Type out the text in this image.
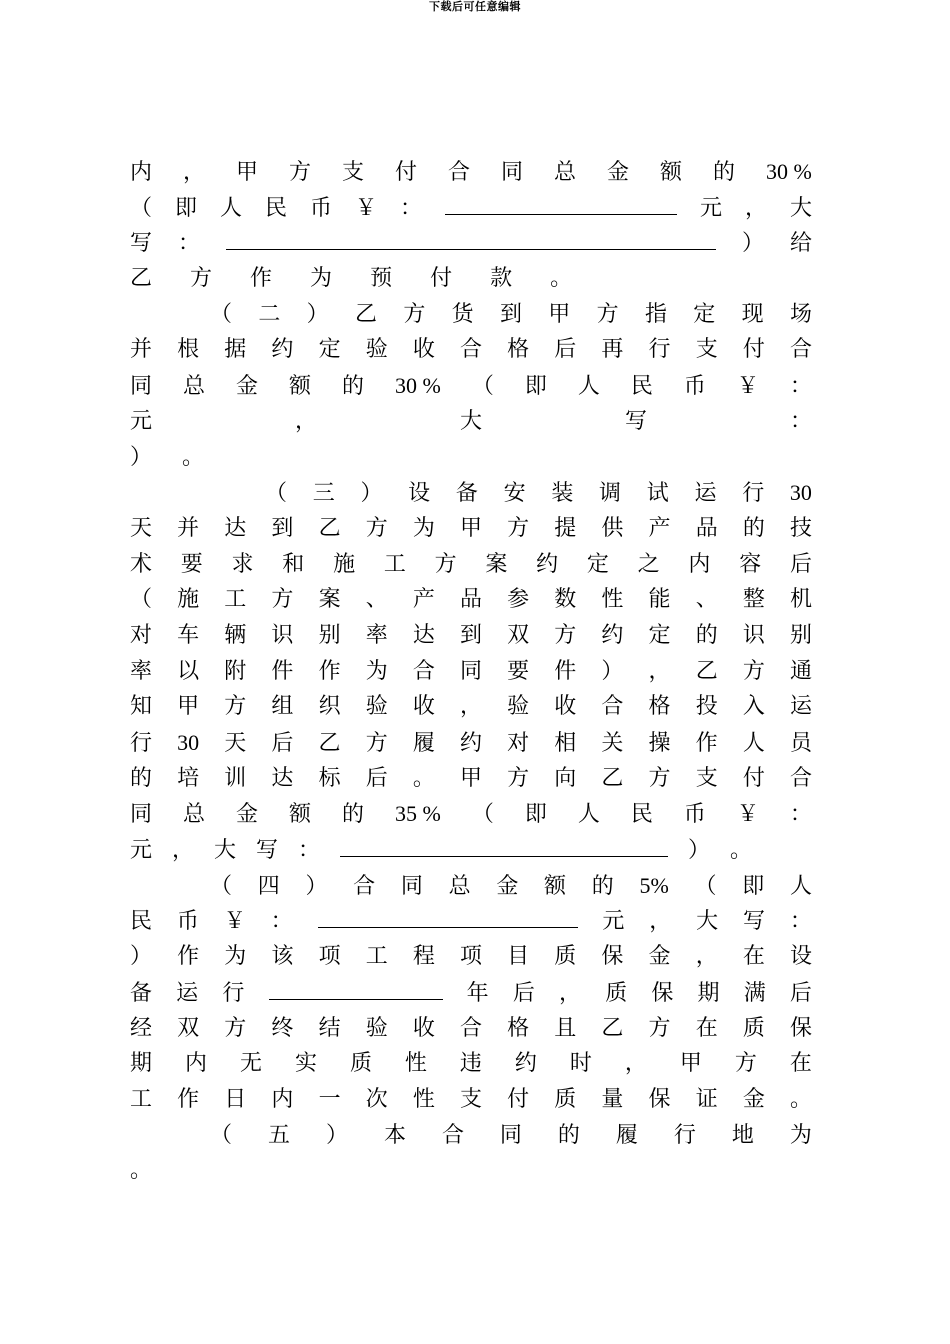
下载后可任意编辑
内 ， 甲 方 支 付 合 同 总 金 额 的 30 %
（ 即 人 民 币 ￥ ：	元 ， 大
写 ：	） 给
乙 方 作 为 预 付 款 。
（ 二 ） 乙 方 货 到 甲 方 指 定 现 场
并 根 据 约 定 验 收 合 格 后 再 行 支 付 合
同 总 金 额 的 30 % （ 即 人 民 币 ￥ ：
元	，	大	写	：
） 。
（ 三 ） 设 备 安 装 调 试 运 行 30
天 并 达 到 乙 方 为 甲 方 提 供 产 品 的 技
术 要 求 和 施 工 方 案 约 定 之 内 容 后
（ 施 工 方 案 、 产 品 参 数 性 能 、 整 机
对 车 辆 识 别 率 达 到 双 方 约 定 的 识 别
率 以 附 件 作 为 合 同 要 件 ） ， 乙 方 通
知 甲 方 组 织 验 收 ， 验 收 合 格 投 入 运
行 30 天 后 乙 方 履 约 对 相 关 操 作 人 员
的 培 训 达 标 后 。 甲 方 向 乙 方 支 付 合
同 总 金 额 的 35 % （ 即 人 民 币 ￥ ：
元 ， 大 写 ：	） 。
（ 四 ） 合 同 总 金 额 的 5% （ 即 人
民 币 ￥ ：	元 ， 大 写 ：
） 作 为 该 项 工 程 项 目 质 保 金 ， 在 设
备 运 行	年 后 ， 质 保 期 满 后
经 双 方 终 结 验 收 合 格 且 乙 方 在 质 保
期 内 无 实 质 性 违 约 时 ， 甲 方 在
工 作 日 内 一 次 性 支 付 质 量 保 证 金 。
（ 五 ） 本 合 同 的 履 行 地 为
。
